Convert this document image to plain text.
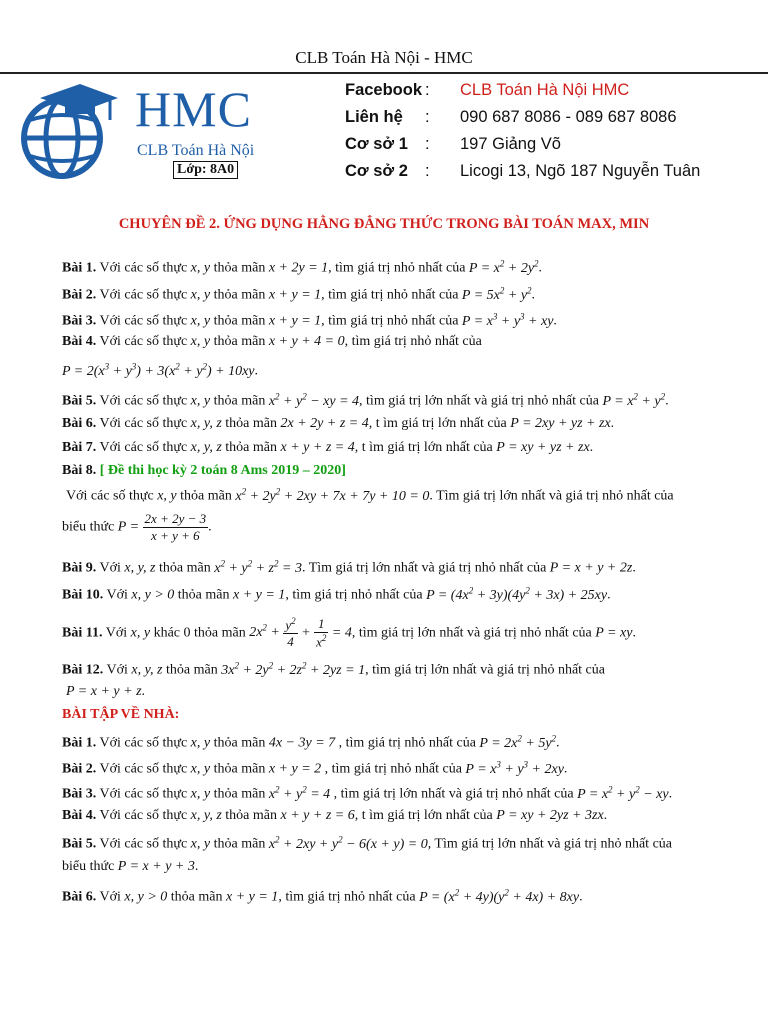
CLB Toán Hà Nội - HMC
HMC
CLB Toán Hà Nội
Lớp: 8A0
Facebook :	CLB Toán Hà Nội HMC
Liên hệ	:	090 687 8086 - 089 687 8086
Cơ sở 1	:	197 Giảng Võ
Cơ sở 2	:	Licogi 13, Ngõ 187 Nguyễn Tuân
CHUYÊN ĐỀ 2. ỨNG DỤNG HẰNG ĐẲNG THỨC TRONG BÀI TOÁN MAX, MIN
Bài 1. Với các số thực x, y thỏa mãn x + 2y = 1, tìm giá trị nhỏ nhất của $P = x^2 + 2y^2$.
Bài 2. Với các số thực x, y thỏa mãn x + y = 1, tìm giá trị nhỏ nhất của $P = 5x^2 + y^2$.
Bài 3. Với các số thực x, y thỏa mãn x + y = 1, tìm giá trị nhỏ nhất của $P = x^3 + y^3$ + xy.
Bài 4. Với các số thực x, y thỏa mãn x + y + 4 = 0, tìm giá trị nhỏ nhất của
$P = 2(x^3 + y^3) + 3(x^2 + y^2) + 10xy$.
Bài 5. Với các số thực x, y thỏa mãn $x^2 + y^2$ − xy = 4, tìm giá trị lớn nhất và giá trị nhỏ nhất của $P = x^2 + y^2$.
Bài 6. Với các số thực x, y, z thỏa mãn 2x + 2y + z = 4, t ìm giá trị lớn nhất của P = 2xy + yz + zx.
Bài 7. Với các số thực x, y, z thỏa mãn x + y + z = 4, t ìm giá trị lớn nhất của P = xy + yz + zx.
Bài 8. [ Đề thi học kỳ 2 toán 8 Ams 2019 – 2020]
Với các số thực x, y thỏa mãn $x^2 + 2y^2 + 2xy + 7x + 7y + 10 = 0$. Tìm giá trị lớn nhất và giá trị nhỏ nhất của
biểu thức $P = \frac{2x + 2y - 3}{x + y + 6}$ .
Bài 9. Với x, y, z thỏa mãn $x^2 + y^2 + z^2 = 3$. Tìm giá trị lớn nhất và giá trị nhỏ nhất của P = x + y + 2z.
Bài 10. Với x, y > 0 thỏa mãn x + y = 1, tìm giá trị nhỏ nhất của $P = (4x^2 + 3y)(4y^2 + 3x) + 25xy$.
Bài 11. Với x, y khác 0 thỏa mãn $2x^2 + \frac{y^2}{4} + \frac{1}{x^2} = 4$, tìm giá trị lớn nhất và giá trị nhỏ nhất của P = xy.
Bài 12. Với x, y, z thỏa mãn $3x^2 + 2y^2 + 2z^2 + 2yz = 1$, tìm giá trị lớn nhất và giá trị nhỏ nhất của
P = x + y + z.
BÀI TẬP VỀ NHÀ:
Bài 1. Với các số thực x, y thỏa mãn 4x − 3y = 7 , tìm giá trị nhỏ nhất của $P = 2x^2 + 5y^2$.
Bài 2. Với các số thực x, y thỏa mãn x + y = 2 , tìm giá trị nhỏ nhất của $P = x^3 + y^3 + 2xy$.
Bài 3. Với các số thực x, y thỏa mãn $x^2 + y^2 = 4$ , tìm giá trị lớn nhất và giá trị nhỏ nhất của $P = x^2 + y^2$ − xy.
Bài 4. Với các số thực x, y, z thỏa mãn x + y + z = 6, t ìm giá trị lớn nhất của P = xy + 2yz + 3zx.
Bài 5. Với các số thực x, y thỏa mãn $x^2 + 2xy + y^2 - 6(x + y) = 0$, Tìm giá trị lớn nhất và giá trị nhỏ nhất của
biểu thức P = x + y + 3.
Bài 6. Với x, y > 0 thỏa mãn x + y = 1, tìm giá trị nhỏ nhất của $P = (x^2 + 4y)(y^2 + 4x) + 8xy$.
